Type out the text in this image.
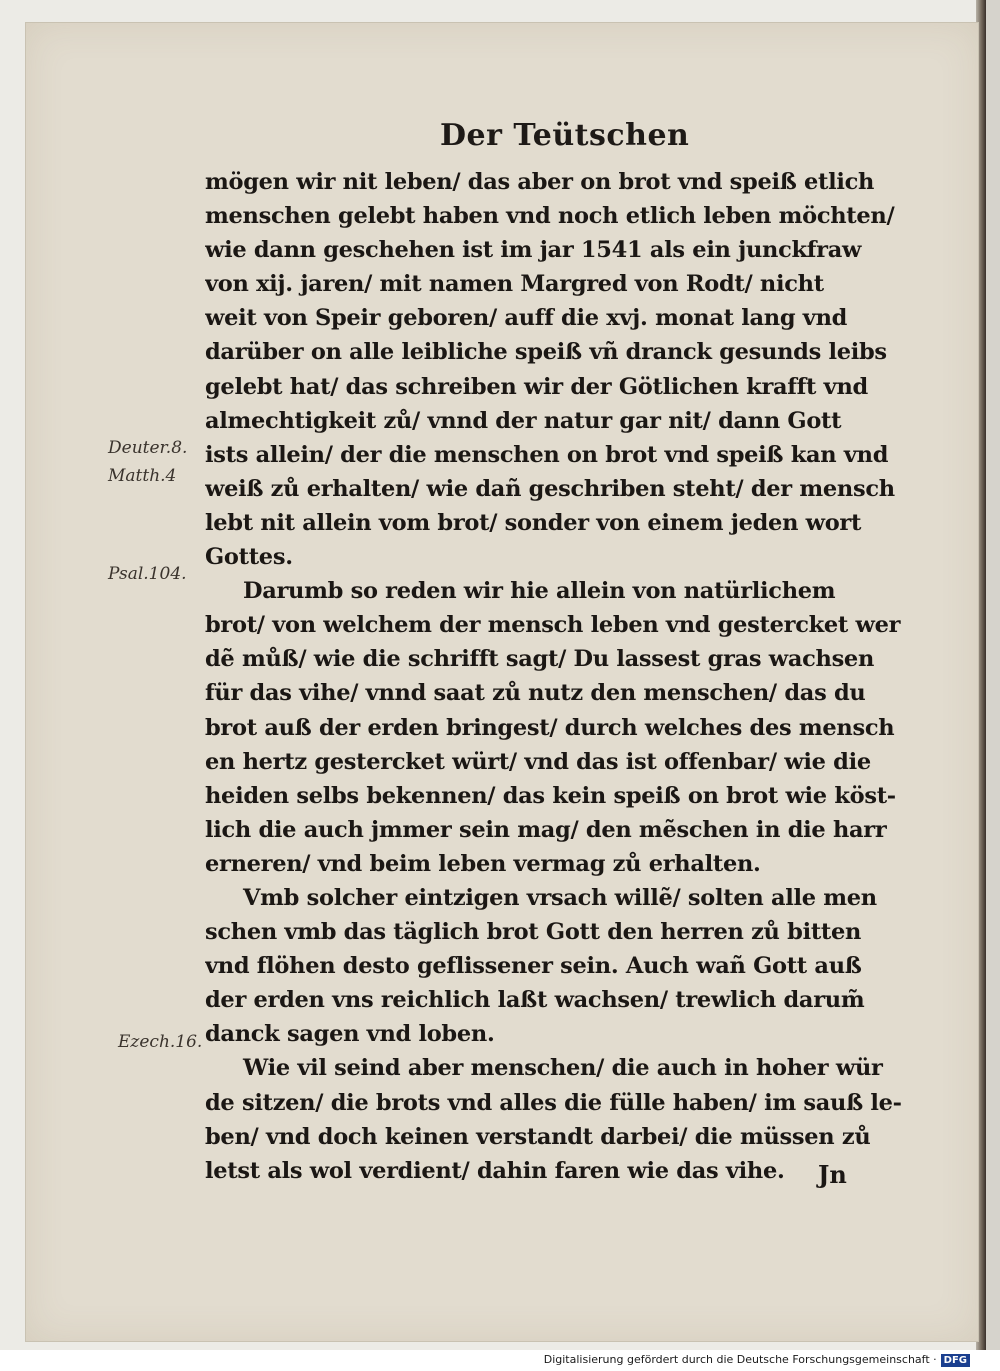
Der Teütschen
Deuter.8.
Matth.4
Psal.104.
Ezech.16.
mögen wir nit leben/ das aber on brot vnd speiß etlich
menschen gelebt haben vnd noch etlich leben möchten/
wie dann geschehen ist im jar 1541 als ein junckfraw
von xij. jaren/ mit namen Margred von Rodt/ nicht
weit von Speir geboren/ auff die xvj. monat lang vnd
darüber on alle leibliche speiß vñ dranck gesunds leibs
gelebt hat/ das schreiben wir der Götlichen krafft vnd
almechtigkeit zů/ vnnd der natur gar nit/ dann Gott
ists allein/ der die menschen on brot vnd speiß kan vnd
weiß zů erhalten/ wie dañ geschriben steht/ der mensch
lebt nit allein vom brot/ sonder von einem jeden wort
Gottes.
Darumb so reden wir hie allein von natürlichem
brot/ von welchem der mensch leben vnd gestercket wer
dẽ můß/ wie die schrifft sagt/ Du lassest gras wachsen
für das vihe/ vnnd saat zů nutz den menschen/ das du
brot auß der erden bringest/ durch welches des mensch
en hertz gestercket würt/ vnd das ist offenbar/ wie die
heiden selbs bekennen/ das kein speiß on brot wie köst-
lich die auch jmmer sein mag/ den mẽschen in die harr
erneren/ vnd beim leben vermag zů erhalten.
Vmb solcher eintzigen vrsach willẽ/ solten alle men
schen vmb das täglich brot Gott den herren zů bitten
vnd flöhen desto geflissener sein. Auch wañ Gott auß
der erden vns reichlich laßt wachsen/ trewlich darum̃
danck sagen vnd loben.
Wie vil seind aber menschen/ die auch in hoher wür
de sitzen/ die brots vnd alles die fülle haben/ im sauß le-
ben/ vnd doch keinen verstandt darbei/ die müssen zů
letst als wol verdient/ dahin faren wie das vihe.	Jn
Digitalisierung gefördert durch die Deutsche Forschungsgemeinschaft · DFG
